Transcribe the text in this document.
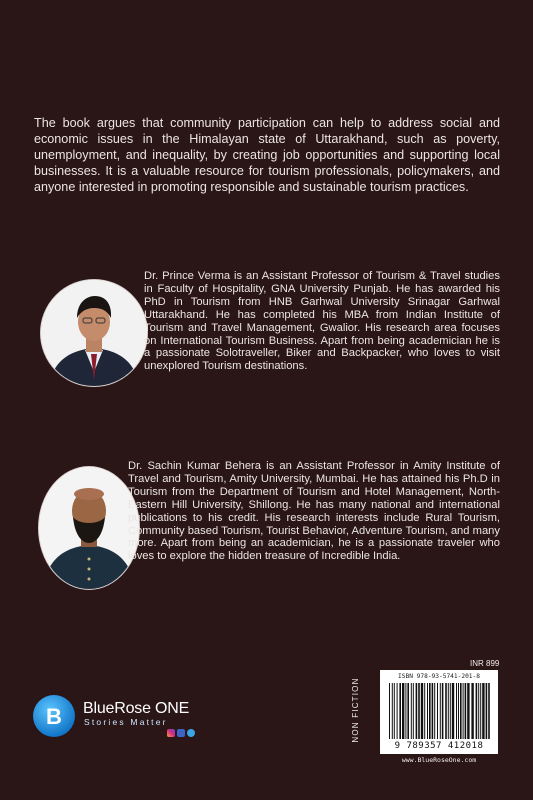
The book argues that community participation can help to address social and economic issues in the Himalayan state of Uttarakhand, such as poverty, unemployment, and inequality, by creating job opportunities and supporting local businesses. It is a valuable resource for tourism professionals, policymakers, and anyone interested in promoting responsible and sustainable tourism practices.

Dr. Prince Verma is an Assistant Professor of Tourism & Travel studies in Faculty of Hospitality, GNA University Punjab. He has awarded his PhD in Tourism from HNB Garhwal University Srinagar Garhwal Uttarakhand. He has completed his MBA from Indian Institute of Tourism and Travel Management, Gwalior. His research area focuses on International Tourism Business. Apart from being academician he is a passionate Solotraveller, Biker and Backpacker, who loves to visit unexplored Tourism destinations.

Dr. Sachin Kumar Behera is an Assistant Professor in Amity Institute of Travel and Tourism, Amity University, Mumbai. He has attained his Ph.D in Tourism from the Department of Tourism and Hotel Management, North-Eastern Hill University, Shillong. He has many national and international publications to his credit. His research interests include Rural Tourism, Community based Tourism, Tourist Behavior, Adventure Tourism, and many more. Apart from being an academician, he is a passionate traveler who loves to explore the hidden treasure of Incredible India.

B BlueRose ONE
Stories Matter
INR 899
NON FICTION
ISBN 978-93-5741-201-8
9 789357 412018
www.BlueRoseOne.com
